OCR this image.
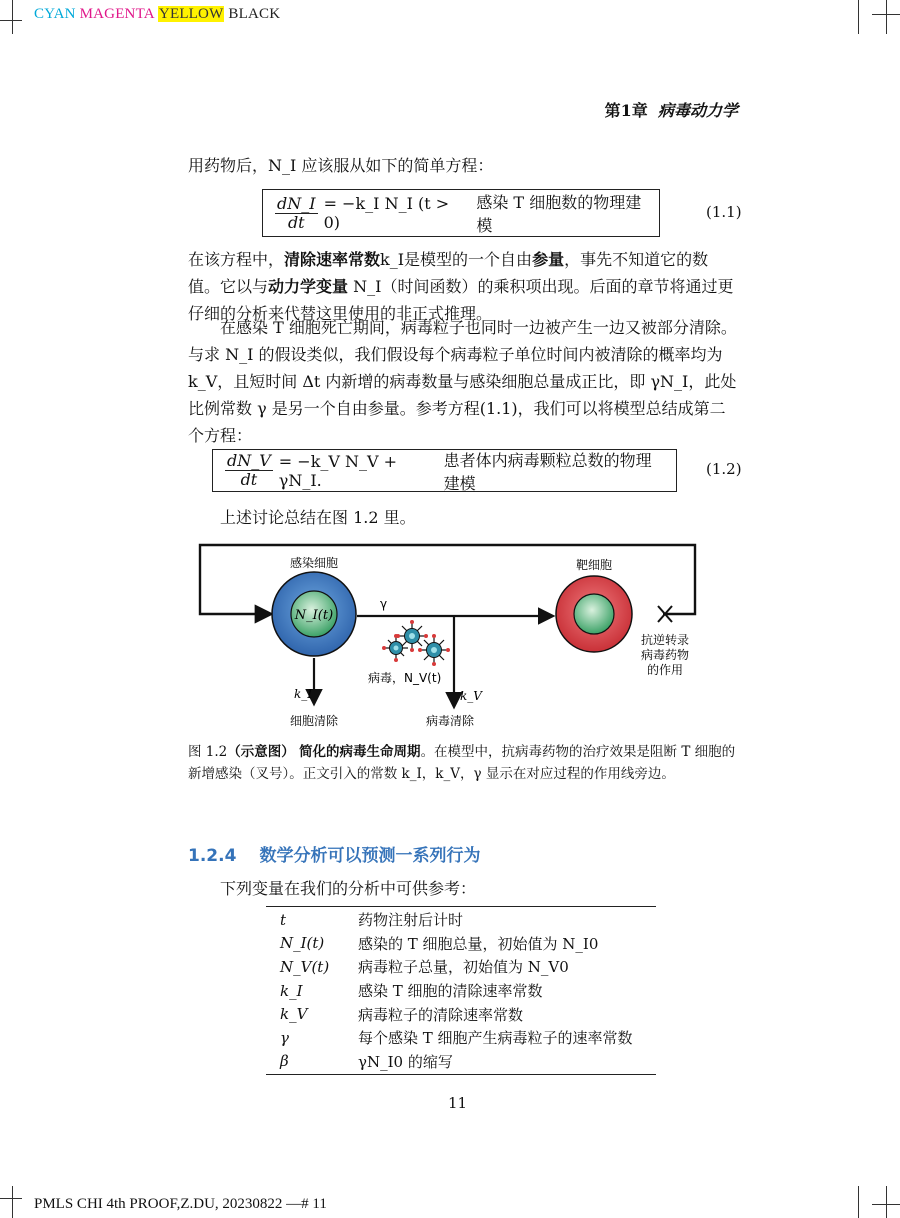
CYAN MAGENTA YELLOW BLACK
第1章 病毒动力学
用药物后，N_I 应该服从如下的简单方程：
$\frac{dN\_I}{dt}$ = −k_I N_I (t > 0)
感染 T 细胞数的物理建模
(1.1)
在该方程中，清除速率常数k_I是模型的一个自由参量，事先不知道它的数值。它以与动力学变量 N_I（时间函数）的乘积项出现。后面的章节将通过更仔细的分析来代替这里使用的非正式推理。
在感染 T 细胞死亡期间，病毒粒子也同时一边被产生一边又被部分清除。与求 N_I 的假设类似，我们假设每个病毒粒子单位时间内被清除的概率均为 k_V，且短时间 Δt 内新增的病毒数量与感染细胞总量成正比，即 γN_I，此处比例常数 γ 是另一个自由参量。参考方程(1.1)，我们可以将模型总结成第二个方程：
$\frac{dN\_V}{dt}$ = −k_V N_V + γN_I.
患者体内病毒颗粒总数的物理建模
(1.2)
上述讨论总结在图 1.2 里。
N_I(t)
感染细胞	靶细胞
γ
k_I
细胞清除
k_V
病毒清除
病毒，N_V(t)
抗逆转录
病毒药物
的作用
图 1.2（示意图） 简化的病毒生命周期。在模型中，抗病毒药物的治疗效果是阻断 T 细胞的新增感染（叉号）。正文引入的常数 k_I，k_V，γ 显示在对应过程的作用线旁边。
1.2.4 数学分析可以预测一系列行为
下列变量在我们的分析中可供参考：
t	药物注射后计时
N_I(t)	感染的 T 细胞总量，初始值为 N_I0
N_V(t)	病毒粒子总量，初始值为 N_V0
k_I	感染 T 细胞的清除速率常数
k_V	病毒粒子的清除速率常数
γ	每个感染 T 细胞产生病毒粒子的速率常数
β	γN_I0 的缩写
11
PMLS CHI 4th PROOF,Z.DU, 20230822 —# 11
